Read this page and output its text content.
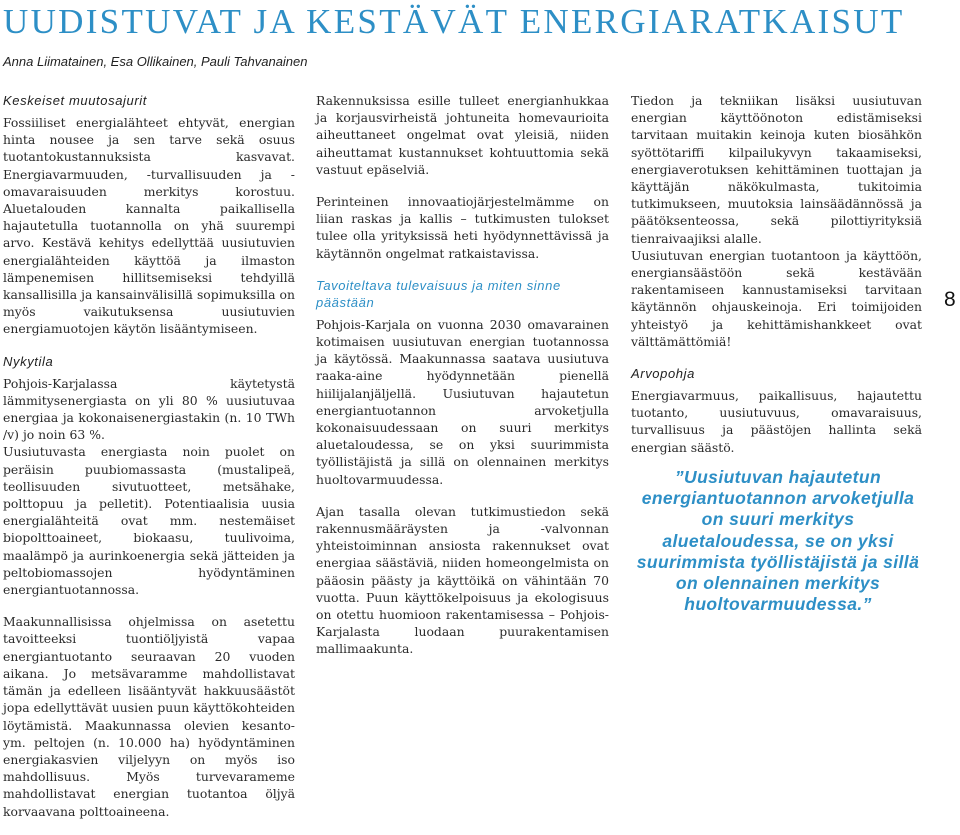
UUDISTUVAT JA KESTÄVÄT ENERGIARATKAISUT
Anna Liimatainen, Esa Ollikainen, Pauli Tahvanainen
Keskeiset muutosajurit

Fossiiliset energialähteet ehtyvät, energian hinta nousee ja sen tarve sekä osuus tuotantokustannuksista kasvavat. Energiavarmuuden, -turvallisuuden ja -omavaraisuuden merkitys korostuu. Aluetalouden kannalta paikallisella hajautetulla tuotannolla on yhä suurempi arvo. Kestävä kehitys edellyttää uusiutuvien energialähteiden käyttöä ja ilmaston lämpenemisen hillitsemiseksi tehdyillä kansallisilla ja kansainvälisillä sopimuksilla on myös vaikutuksensa uusiutuvien energiamuotojen käytön lisääntymiseen.

Nykytila

Pohjois-Karjalassa käytetystä lämmitysenergiasta on yli 80 % uusiutuvaa energiaa ja kokonaisenergiastakin (n. 10 TWh /v) jo noin 63 %.

Uusiutuvasta energiasta noin puolet on peräisin puubiomassasta (mustalipeä, teollisuuden sivutuotteet, metsähake, polttopuu ja pelletit). Potentiaalisia uusia energialähteitä ovat mm. nestemäiset biopolttoaineet, biokaasu, tuulivoima, maalämpö ja aurinkoenergia sekä jätteiden ja peltobiomassojen hyödyntäminen energiantuotannossa.

Maakunnallisissa ohjelmissa on asetettu tavoitteeksi tuontiöljyistä vapaa energiantuotanto seuraavan 20 vuoden aikana. Jo metsävaramme mahdollistavat tämän ja edelleen lisääntyvät hakkuusäästöt jopa edellyttävät uusien puun käyttökohteiden löytämistä. Maakunnassa olevien kesanto- ym. peltojen (n. 10.000 ha) hyödyntäminen energiakasvien viljelyyn on myös iso mahdollisuus. Myös turvevarameme mahdollistavat energian tuotantoa öljyä korvaavana polttoaineena.

Rakennuksissa esille tulleet energianhukkaa ja korjausvirheistä johtuneita homevaurioita aiheuttaneet ongelmat ovat yleisiä, niiden aiheuttamat kustannukset kohtuuttomia sekä vastuut epäselviä.

Perinteinen innovaatiojärjestelmämme on liian raskas ja kallis – tutkimusten tulokset tulee olla yrityksissä heti hyödynnettävissä ja käytännön ongelmat ratkaistavissa.

Tavoiteltava tulevaisuus ja miten sinne päästään

Pohjois-Karjala on vuonna 2030 omavarainen kotimaisen uusiutuvan energian tuotannossa ja käytössä. Maakunnassa saatava uusiutuva raaka-aine hyödynnetään pienellä hiilijalanjäljellä. Uusiutuvan hajautetun energiantuotannon arvoketjulla kokonaisuudessaan on suuri merkitys aluetaloudessa, se on yksi suurimmista työllistäjistä ja sillä on olennainen merkitys huoltovarmuudessa.

Ajan tasalla olevan tutkimustiedon sekä rakennusmääräysten ja -valvonnan yhteistoiminnan ansiosta rakennukset ovat energiaa säästäviä, niiden homeongelmista on pääosin päästy ja käyttöikä on vähintään 70 vuotta. Puun käyttökelpoisuus ja ekologisuus on otettu huomioon rakentamisessa – Pohjois-Karjalasta luodaan puurakentamisen mallimaakunta.

Tiedon ja tekniikan lisäksi uusiutuvan energian käyttöönoton edistämiseksi tarvitaan muitakin keinoja kuten biosähkön syöttötariffi kilpailukyvyn takaamiseksi, energiaverotuksen kehittäminen tuottajan ja käyttäjän näkökulmasta, tukitoimia tutkimukseen, muutoksia lainsäädännössä ja päätöksenteossa, sekä pilottiyrityksiä tienraivaajiksi alalle.

Uusiutuvan energian tuotantoon ja käyttöön, energiansäästöön sekä kestävään rakentamiseen kannustamiseksi tarvitaan käytännön ohjauskeinoja. Eri toimijoiden yhteistyö ja kehittämishankkeet ovat välttämättömiä!

Arvopohja

Energiavarmuus, paikallisuus, hajautettu tuotanto, uusiutuvuus, omavaraisuus, turvallisuus ja päästöjen hallinta sekä energian säästö.

”Uusiutuvan hajautetun energiantuotannon arvoketjulla on suuri merkitys aluetaloudessa, se on yksi suurimmista työllistäjistä ja sillä on olennainen merkitys huoltovarmuudessa.”

8
